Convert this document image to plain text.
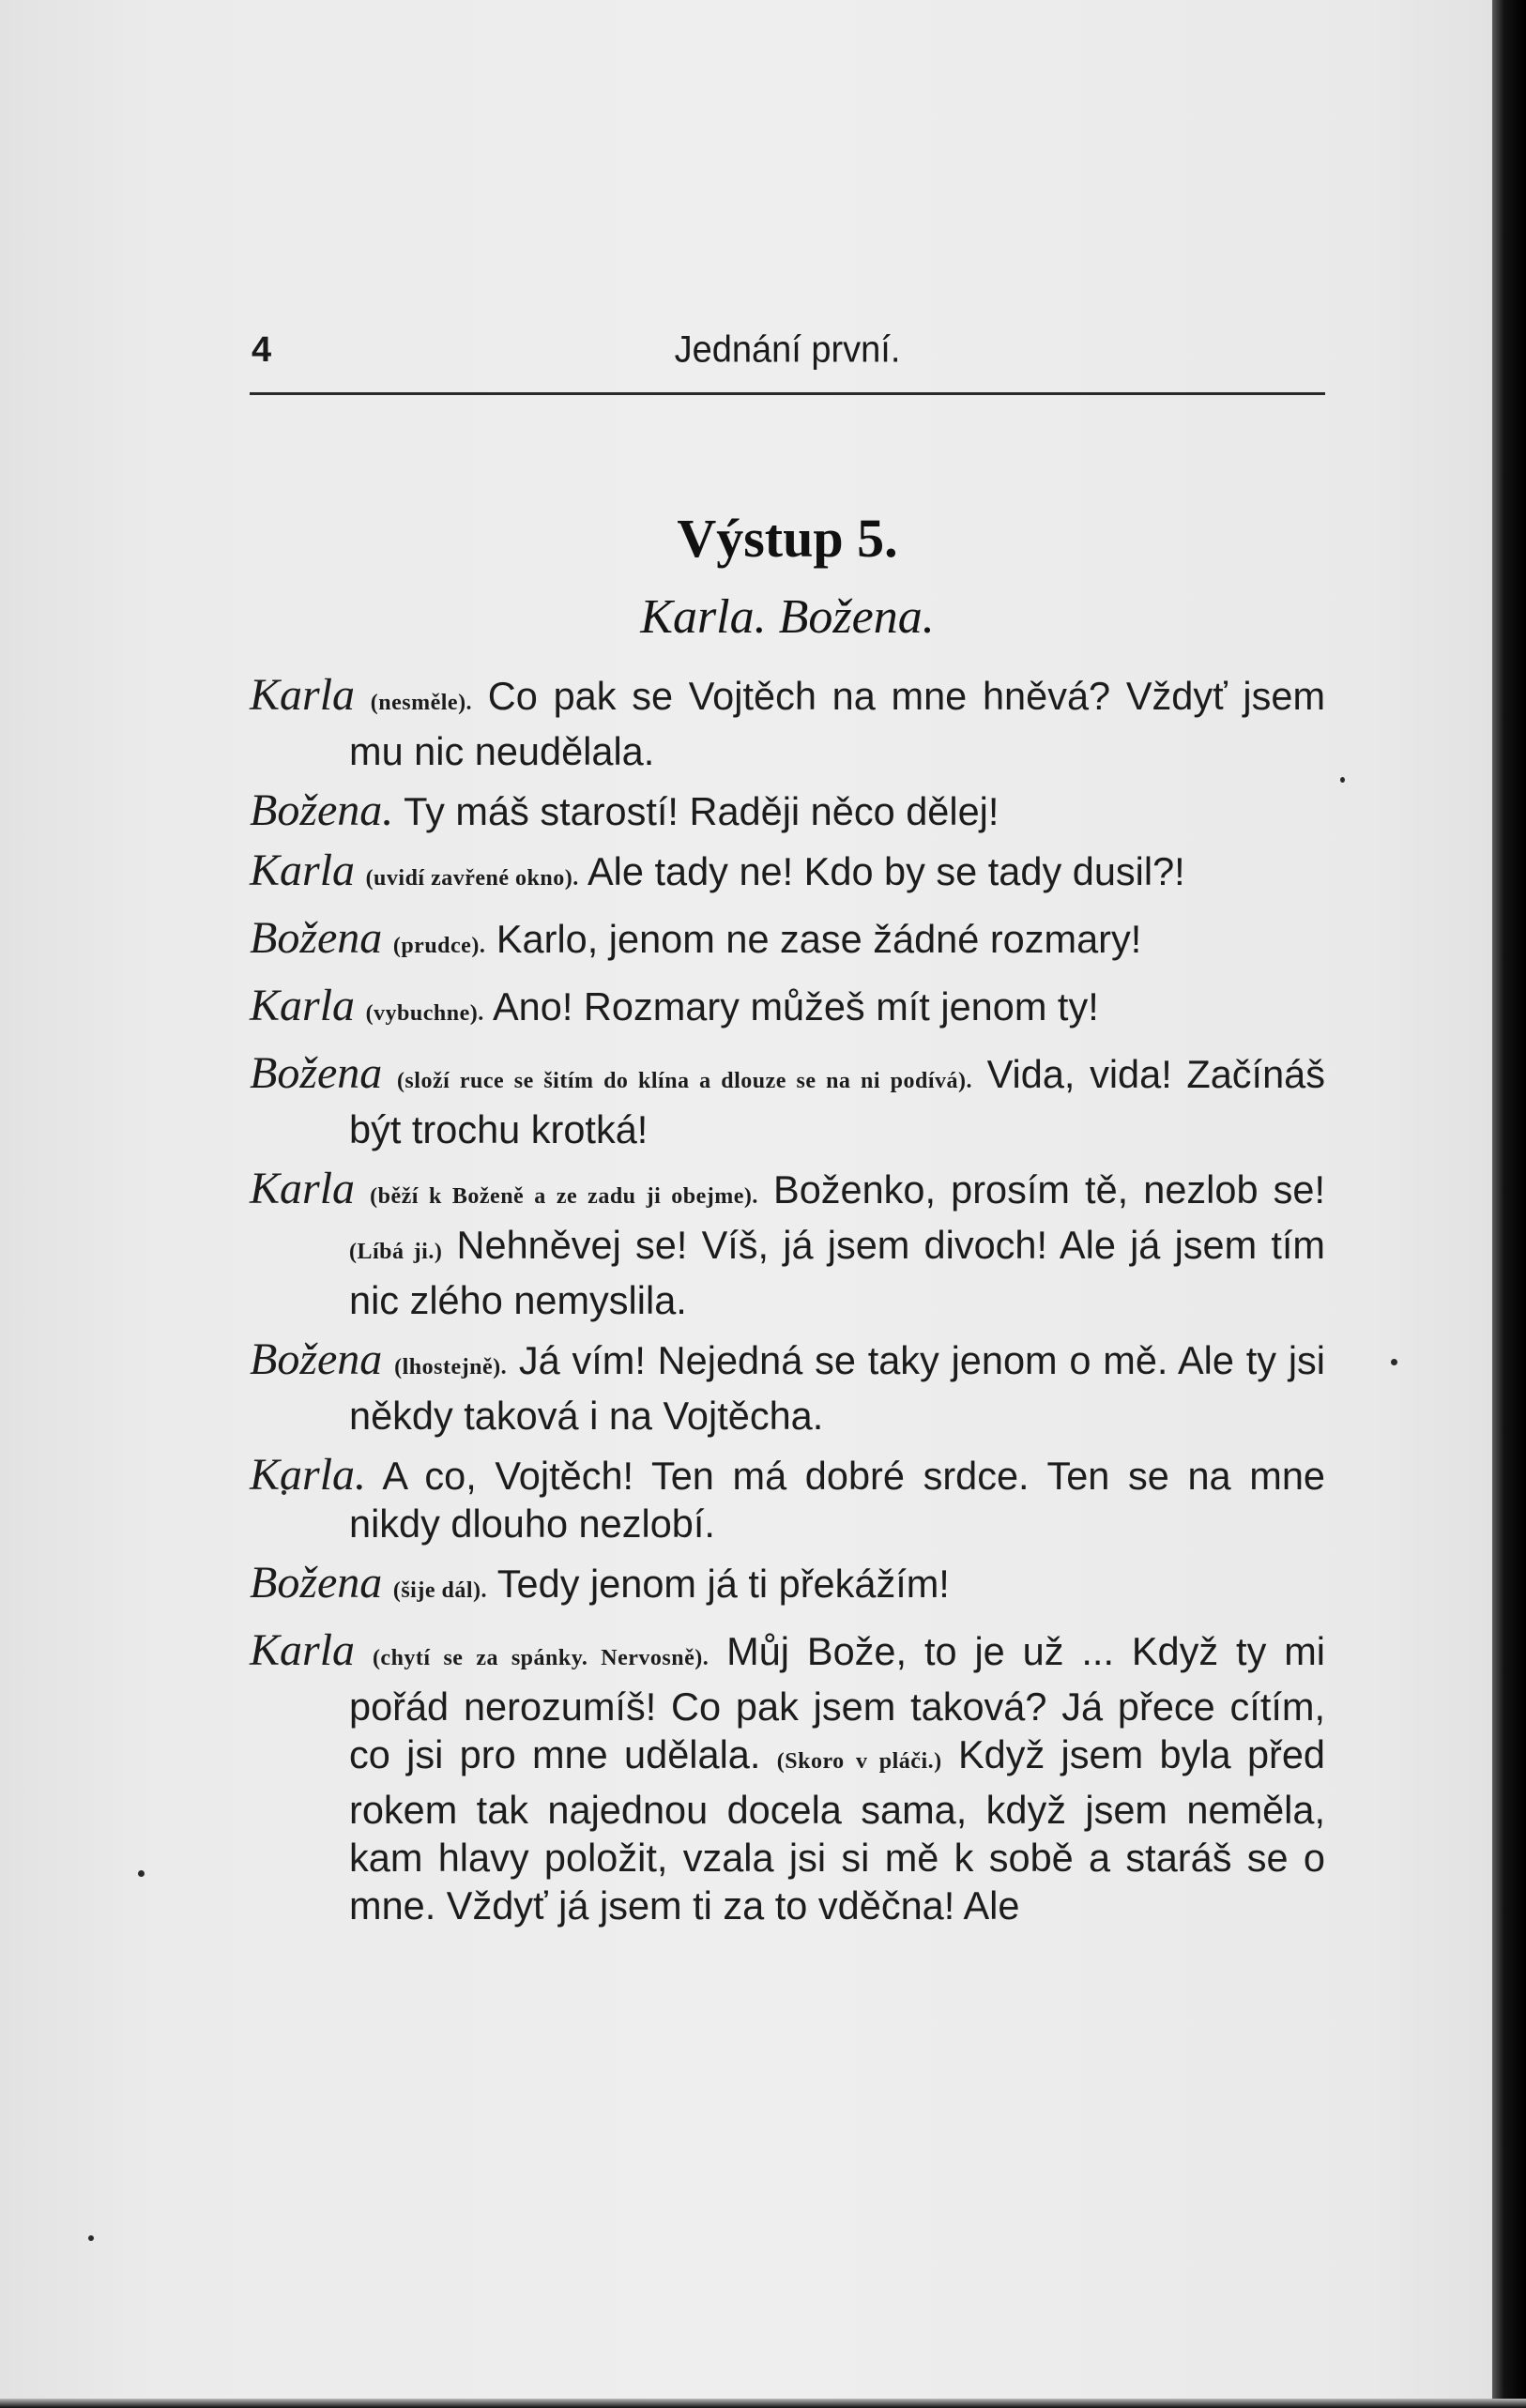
4	Jednání první.
Výstup 5.
Karla. Božena.

Karla (nesměle). Co pak se Vojtěch na mne hněvá? Vždyť jsem mu nic neudělala.

Božena. Ty máš starostí! Raději něco dělej!

Karla (uvidí zavřené okno). Ale tady ne! Kdo by se tady dusil?!

Božena (prudce). Karlo, jenom ne zase žádné rozmary!

Karla (vybuchne). Ano! Rozmary můžeš mít jenom ty!

Božena (složí ruce se šitím do klína a dlouze se na ni podívá). Vida, vida! Začínáš být trochu krotká!

Karla (běží k Boženě a ze zadu ji obejme). Boženko, prosím tě, nezlob se! (Líbá ji.) Nehněvej se! Víš, já jsem divoch! Ale já jsem tím nic zlého nemyslila.

Božena (lhostejně). Já vím! Nejedná se taky jenom o mě. Ale ty jsi někdy taková i na Vojtěcha.

Karla. A co, Vojtěch! Ten má dobré srdce. Ten se na mne nikdy dlouho nezlobí.

Božena (šije dál). Tedy jenom já ti překážím!

Karla (chytí se za spánky. Nervosně). Můj Bože, to je už ... Když ty mi pořád nerozumíš! Co pak jsem taková? Já přece cítím, co jsi pro mne udělala. (Skoro v pláči.) Když jsem byla před rokem tak najednou docela sama, když jsem neměla, kam hlavy položit, vzala jsi si mě k sobě a staráš se o mne. Vždyť já jsem ti za to vděčna! Ale
